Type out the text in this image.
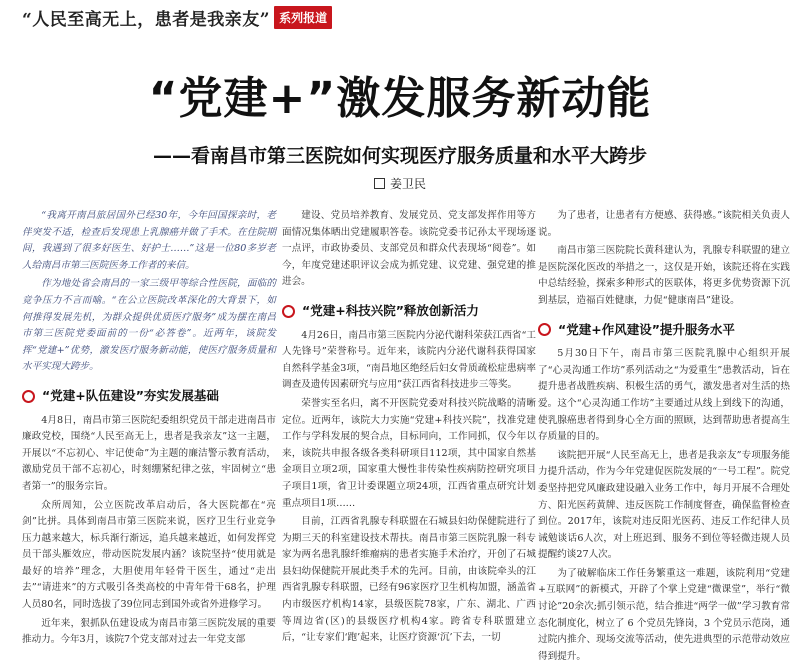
“人民至高无上，患者是我亲友” 系列报道
“党建+”激发服务新动能
——看南昌市第三医院如何实现医疗服务质量和水平大跨步
姜卫民

“我离开南昌旅居国外已经30年，今年回国探亲时，老伴突发不适，检查后发现患上乳腺癌并做了手术。在住院期间，我遇到了很多好医生、好护士……”这是一位80多岁老人给南昌市第三医院医务工作者的来信。

作为地处省会南昌的一家三级甲等综合性医院，面临的竞争压力不言而喻。“在公立医院改革深化的大背景下，如何推得发展先机，为群众提供优质医疗服务”成为摆在南昌市第三医院党委面前的一份“必答卷”。近两年，该院发挥“党建+”优势，激发医疗服务新动能，使医疗服务质量和水平实现大跨步。

“党建+队伍建设”夯实发展基础

4月8日，南昌市第三医院纪委组织党员干部走进南昌市廉政党校，围绕“人民至高无上，患者是我亲友”这一主题，开展以“不忘初心、牢记使命”为主题的廉洁警示教育活动，激励党员干部不忘初心，时刻绷紧纪律之弦，牢固树立“患者第一”的服务宗旨。

众所周知，公立医院改革启动后，各大医院都在“亮剑”比拼。具体到南昌市第三医院来说，医疗卫生行业竞争压力越来越大，标兵渐行渐远，追兵越来越近，如何发挥党员干部头雁效应，带动医院发展内涵？该院坚持“使用就是最好的培养”理念，大胆使用年轻骨干医生，通过“走出去”“请进来”的方式吸引各类高校的中青年骨干68名，护理人员80名，同时选拔了39位同志到国外或省外进修学习。

近年来，狠抓队伍建设成为南昌市第三医院发展的重要推动力。今年3月，该院7个党支部对过去一年党支部

建设、党员培养教育、发展党员、党支部发挥作用等方面情况集体晒出党建履职答卷。该院党委书记孙太平现场逐一点评，市政协委员、支部党员和群众代表现场“阅卷”。如今，年度党建述职评议会成为抓党建、议党建、强党建的推进会。

“党建+科技兴院”释放创新活力

4月26日，南昌市第三医院内分泌代谢科荣获江西省“工人先锋号”荣誉称号。近年来，该院内分泌代谢科获得国家自然科学基金3项，“南昌地区绝经后妇女骨质疏松症患病率调查及遗传因素研究与应用”获江西省科技进步三等奖。

荣誉实至名归，离不开医院党委对科技兴院战略的清晰定位。近两年，该院大力实施“党建+科技兴院”，找准党建工作与学科发展的契合点，目标同向，工作同抓，仅今年以来，该院共申报各级各类科研项目112项，其中国家自然基金项目立项2项，国家重大慢性非传染性疾病防控研究项目子项目1项，省卫计委课题立项24项，江西省重点研究计划重点项目1项……

目前，江西省乳腺专科联盟在石城县妇幼保健院进行了为期三天的科室建设技术帮扶。南昌市第三医院乳腺一科专家为两名患乳腺纤维瘤病的患者实施手术治疗，开创了石城县妇幼保健院开展此类手术的先河。目前，由该院牵头的江西省乳腺专科联盟，已经有96家医疗卫生机构加盟，涵盖省内市级医疗机构14家，县级医院78家，广东、湖北、广西等周边省(区)的县级医疗机构4家。跨省专科联盟建立后，“让专家们‘跑’起来，让医疗资源‘沉’下去，一切

为了患者，让患者有方便感、获得感。”该院相关负责人说。

南昌市第三医院院长黄科建认为，乳腺专科联盟的建立是医院深化医改的举措之一，这仅是开始，该院还将在实践中总结经验，探索多种形式的医联体，将更多优势资源下沉到基层，造福百姓健康，力促“健康南昌”建设。

“党建+作风建设”提升服务水平

5月30日下午，南昌市第三医院乳腺中心组织开展了“心灵沟通工作坊”系列活动之“为爱重生”患教活动，旨在提升患者战胜疾病、积极生活的勇气，激发患者对生活的热爱。这个“心灵沟通工作坊”主要通过从线上到线下的沟通，使乳腺癌患者得到身心全方面的照顾，达到帮助患者提高生存质量的目的。

该院把开展“人民至高无上，患者是我亲友”专项服务能力提升活动，作为今年党建促医院发展的“一号工程”。院党委坚持把党风廉政建设融入业务工作中，每月开展不合理处方、阳光医药黄牌、违反医院工作制度督查，确保监督检查到位。2017年，该院对违反阳光医药、违反工作纪律人员诫勉谈话6人次，对上班迟到、服务不到位等轻微违规人员提醒约谈27人次。

为了破解临床工作任务繁重这一难题，该院利用“党建+互联网”的新模式，开辟了个掌上党建“微课堂”，举行“微讨论”20余次;抓引领示范，结合推进“两学一做”学习教育常态化制度化，树立了 6 个党员先锋岗，3 个党员示范岗，通过院内推介、现场交流等活动，使先进典型的示范带动效应得到提升。
